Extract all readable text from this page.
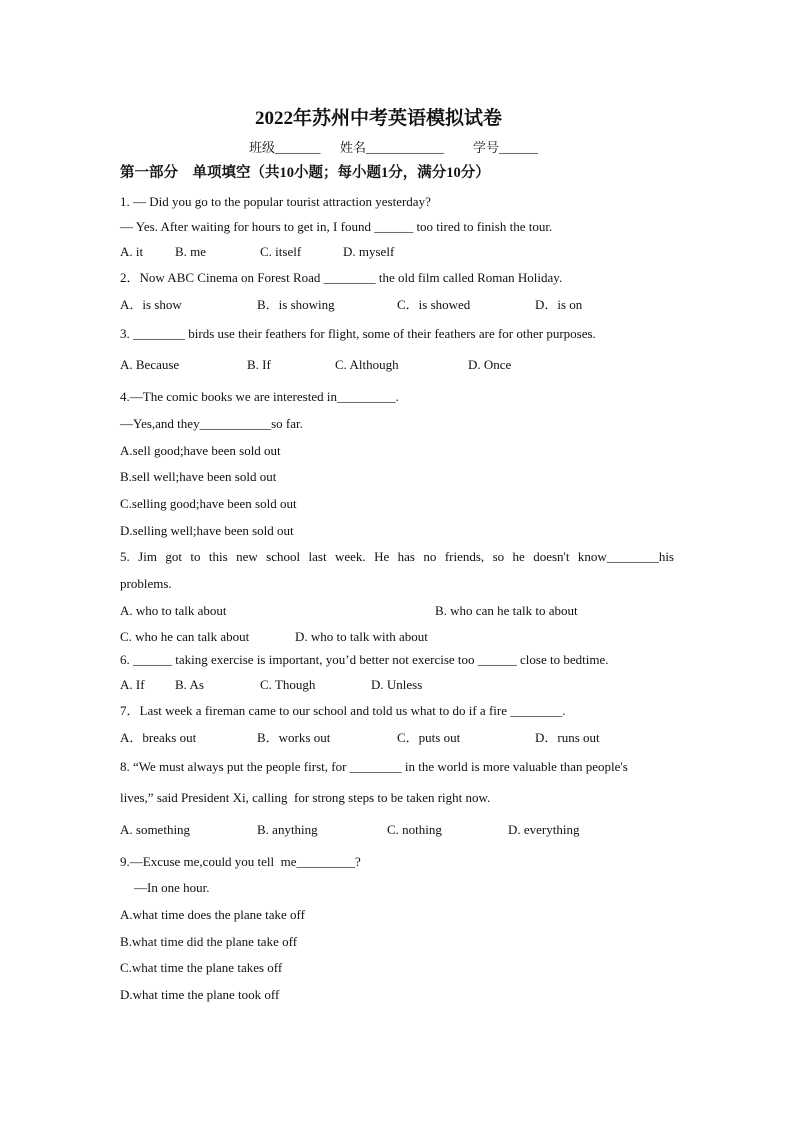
2022年苏州中考英语模拟试卷
班级_______ 姓名____________ 学号______
第一部分　单项填空（共10小题；每小题1分，满分10分）
1. — Did you go to the popular tourist attraction yesterday?
— Yes. After waiting for hours to get in, I found ______ too tired to finish the tour.
A. it B. me	C. itself	D. myself
2．Now ABC Cinema on Forest Road ________ the old film called Roman Holiday.
A．is show	B．is showing	C．is showed	D．is on
3. ________ birds use their feathers for flight, some of their feathers are for other purposes.
A. Because	B. If	C. Although	D. Once
4.—The comic books we are interested in_________.
—Yes,and they___________so far.
A.sell good;have been sold out
B.sell well;have been sold out
C.selling good;have been sold out
D.selling well;have been sold out
5. Jim got to this new school last week. He has no friends, so he doesn't know________his
problems.
A. who to talk about	B. who can he talk to about
C. who he can talk about	D. who to talk with about
6. ______ taking exercise is important, you’d better not exercise too ______ close to bedtime.
A. If B. As	C. Though	D. Unless
7．Last week a fireman came to our school and told us what to do if a fire ________.
A．breaks out	B．works out	C．puts out	D．runs out
8. “We must always put the people first, for ________ in the world is more valuable than people's
lives,” said President Xi, calling  for strong steps to be taken right now.
A. something	B. anything	C. nothing	D. everything
9.—Excuse me,could you tell  me_________?
—In one hour.
A.what time does the plane take off
B.what time did the plane take off
C.what time the plane takes off
D.what time the plane took off
